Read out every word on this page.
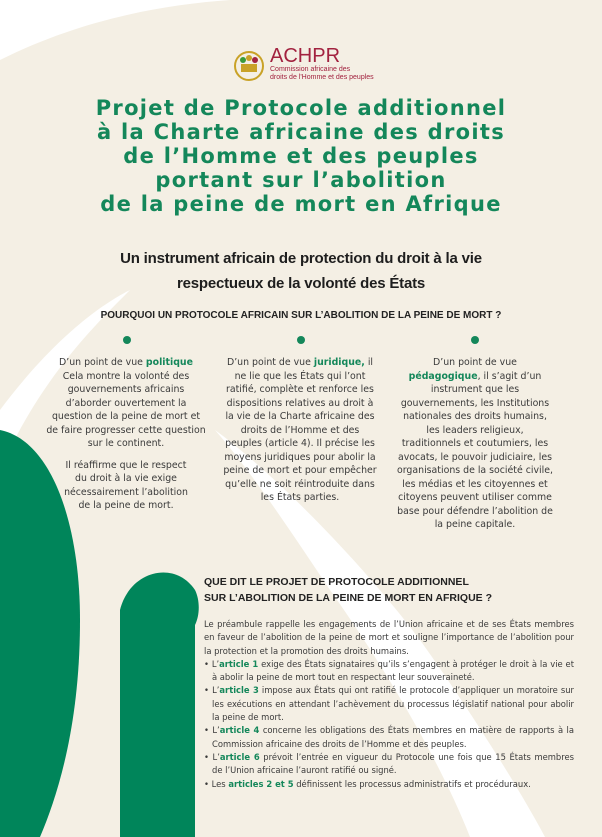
ACHPR
Commission africaine des
droits de l'Homme et des peuples
Projet de Protocole additionnel
à la Charte africaine des droits
de l’Homme et des peuples
portant sur l’abolition
de la peine de mort en Afrique
Un instrument africain de protection du droit à la vie
respectueux de la volonté des États
POURQUOI UN PROTOCOLE AFRICAIN SUR L’ABOLITION DE LA PEINE DE MORT ?

D’un point de vue politique
Cela montre la volonté des gouvernements africains d’aborder ouvertement la question de la peine de mort et de faire progresser cette question sur le continent.

Il réaffirme que le respect du droit à la vie exige nécessairement l’abolition de la peine de mort.

D’un point de vue juridique, il ne lie que les États qui l’ont ratifié, complète et renforce les dispositions relatives au droit à la vie de la Charte africaine des droits de l’Homme et des peuples (article 4). Il précise les moyens juridiques pour abolir la peine de mort et pour empêcher qu’elle ne soit réintroduite dans les États parties.

D’un point de vue pédagogique, il s’agit d’un instrument que les gouvernements, les Institutions nationales des droits humains, les leaders religieux, traditionnels et coutumiers, les avocats, le pouvoir judiciaire, les organisations de la société civile, les médias et les citoyennes et citoyens peuvent utiliser comme base pour défendre l’abolition de la peine capitale.

QUE DIT LE PROJET DE PROTOCOLE ADDITIONNEL
SUR L’ABOLITION DE LA PEINE DE MORT EN AFRIQUE ?

Le préambule rappelle les engagements de l’Union africaine et de ses États membres en faveur de l’abolition de la peine de mort et souligne l’importance de l’abolition pour la protection et la promotion des droits humains.

• L’article 1 exige des États signataires qu’ils s’engagent à protéger le droit à la vie et à abolir la peine de mort tout en respectant leur souveraineté.
• L’article 3 impose aux États qui ont ratifié le protocole d’appliquer un moratoire sur les exécutions en attendant l’achèvement du processus législatif national pour abolir la peine de mort.
• L’article 4 concerne les obligations des États membres en matière de rapports à la Commission africaine des droits de l’Homme et des peuples.
• L’article 6 prévoit l’entrée en vigueur du Protocole une fois que 15 États membres de l’Union africaine l’auront ratifié ou signé.
• Les articles 2 et 5 définissent les processus administratifs et procéduraux.
